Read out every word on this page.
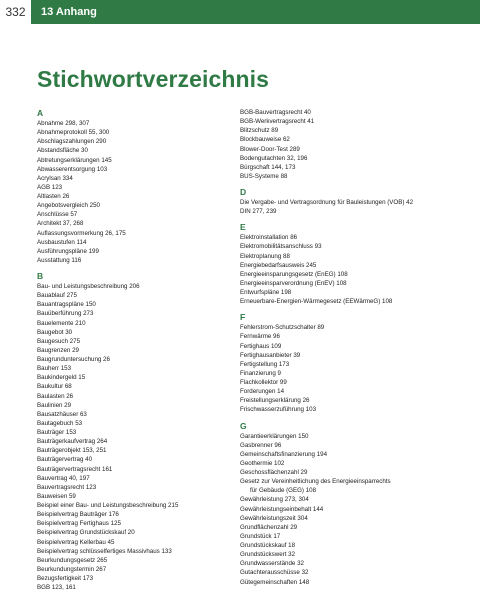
332	13 Anhang
Stichwortverzeichnis
A
Abnahme 298, 307
Abnahmeprotokoll 55, 300
Abschlagszahlungen 290
Abstandsfläche 30
Abtretungserklärungen 145
Abwasserentsorgung 103
Acrylsan 334
AGB 123
Altlasten 26
Angebotsvergleich 250
Anschlüsse 57
Architekt 37, 268
Auflassungsvormerkung 26, 175
Ausbaustufen 114
Ausführungspläne 199
Ausstattung 116
B
Bau- und Leistungsbeschreibung 206
Bauablauf 275
Bauantragspläne 150
Bauüberführung 273
Bauelemente 210
Baugebot 30
Baugesuch 275
Baugrenzen 29
Baugrunduntersuchung 26
Bauherr 153
Baukindergeld 15
Baukultur 68
Baulasten 26
Baulinien 29
Bausatzhäuser 63
Bautagebuch 53
Bauträger 153
Bauträgerkaufvertrag 264
Bauträgerobjekt 153, 251
Bauträgervertrag 40
Bauträgervertragsrecht 161
Bauvertrag 40, 197
Bauvertragsrecht 123
Bauweisen 59
Beispiel einer Bau- und Leistungsbeschreibung 215
Beispielvertrag Bauträger 176
Beispielvertrag Fertighaus 125
Beispielvertrag Grundstückskauf 20
Beispielvertrag Kellerbau 45
Beispielvertrag schlüsselfertiges Massivhaus 133
Beurkundungsgesetz 265
Beurkundungstermin 267
Bezugsfertigkeit 173
BGB 123, 161
BGB-Bauvertragsrecht 40
BGB-Werkvertragsrecht 41
Blitzschutz 89
Blockbauweise 62
Blower-Door-Test 289
Bodengutachten 32, 196
Bürgschaft 144, 173
BUS-Systeme 88
D
Die Vergabe- und Vertragsordnung für Bauleistungen (VOB) 42
DIN 277, 239
E
Elektroinstallation 86
Elektromobilitätsanschluss 93
Elektroplanung 88
Energiebedarfsausweis 245
Energieeinsparungsgesetz (EnEG) 108
Energieeinsparverordnung (EnEV) 108
Entwurfspläne 198
Erneuerbare-Energien-Wärmegesetz (EEWärmeG) 108
F
Fehlerstrom-Schutzschalter 89
Fernwärme 96
Fertighaus 109
Fertighausanbieter 39
Fertigstellung 173
Finanzierung 9
Flachkollektor 99
Forderungen 14
Freistellungserklärung 26
Frischwasserzuführung 103
G
Garantieerklärungen 150
Gasbrenner 96
Gemeinschaftsfinanzierung 194
Geothermie 102
Geschossflächenzahl 29
Gesetz zur Vereinheitlichung des Energieeinsparrechts
für Gebäude (GEG) 108
Gewährleistung 273, 304
Gewährleistungseinbehalt 144
Gewährleistungszeit 304
Grundflächenzahl 29
Grundstück 17
Grundstückskauf 18
Grundstückswert 32
Grundwasserstände 32
Gutachterausschüsse 32
Gütegemeinschaften 148
